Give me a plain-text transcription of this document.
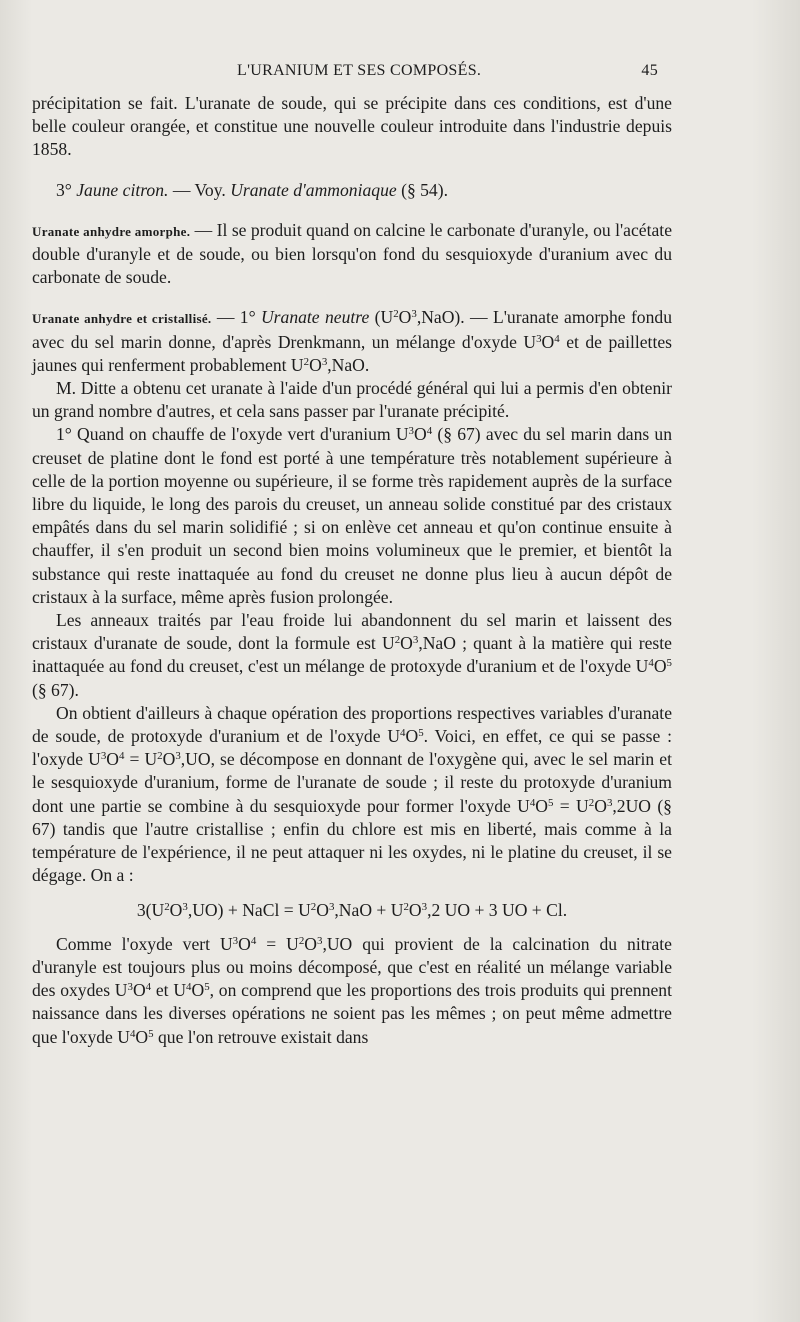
L'URANIUM ET SES COMPOSÉS.	45

précipitation se fait. L'uranate de soude, qui se précipite dans ces conditions, est d'une belle couleur orangée, et constitue une nouvelle couleur introduite dans l'industrie depuis 1858.

3° Jaune citron. — Voy. Uranate d'ammoniaque (§ 54).

Uranate anhydre amorphe. — Il se produit quand on calcine le carbonate d'uranyle, ou l'acétate double d'uranyle et de soude, ou bien lorsqu'on fond du sesquioxyde d'uranium avec du carbonate de soude.

Uranate anhydre et cristallisé. — 1° Uranate neutre $(U^2O^3,NaO)$. — L'uranate amorphe fondu avec du sel marin donne, d'après Drenkmann, un mélange d'oxyde $U^3O^4$ et de paillettes jaunes qui renferment probablement $U^2O^3,NaO$.

M. Ditte a obtenu cet uranate à l'aide d'un procédé général qui lui a permis d'en obtenir un grand nombre d'autres, et cela sans passer par l'uranate précipité.

1° Quand on chauffe de l'oxyde vert d'uranium $U^3O^4$ (§ 67) avec du sel marin dans un creuset de platine dont le fond est porté à une température très notablement supérieure à celle de la portion moyenne ou supérieure, il se forme très rapidement auprès de la surface libre du liquide, le long des parois du creuset, un anneau solide constitué par des cristaux empâtés dans du sel marin solidifié ; si on enlève cet anneau et qu'on continue ensuite à chauffer, il s'en produit un second bien moins volumineux que le premier, et bientôt la substance qui reste inattaquée au fond du creuset ne donne plus lieu à aucun dépôt de cristaux à la surface, même après fusion prolongée.

Les anneaux traités par l'eau froide lui abandonnent du sel marin et laissent des cristaux d'uranate de soude, dont la formule est $U^2O^3,NaO$ ; quant à la matière qui reste inattaquée au fond du creuset, c'est un mélange de protoxyde d'uranium et de l'oxyde $U^4O^5$ (§ 67).

On obtient d'ailleurs à chaque opération des proportions respectives variables d'uranate de soude, de protoxyde d'uranium et de l'oxyde $U^4O^5$. Voici, en effet, ce qui se passe : l'oxyde $U^3O^4 = U^2O^3,UO$, se décompose en donnant de l'oxygène qui, avec le sel marin et le sesquioxyde d'uranium, forme de l'uranate de soude ; il reste du protoxyde d'uranium dont une partie se combine à du sesquioxyde pour former l'oxyde $U^4O^5 = U^2O^3,2UO$ (§ 67) tandis que l'autre cristallise ; enfin du chlore est mis en liberté, mais comme à la température de l'expérience, il ne peut attaquer ni les oxydes, ni le platine du creuset, il se dégage. On a :

$3(U^2O^3,UO)$ + NaCl = $U^2O^3,NaO + U^2O^3,2$ UO + 3 UO + Cl.

Comme l'oxyde vert $U^3O^4 = U^2O^3,UO$ qui provient de la calcination du nitrate d'uranyle est toujours plus ou moins décomposé, que c'est en réalité un mélange variable des oxydes $U^3O^4$ et $U^4O^5$, on comprend que les proportions des trois produits qui prennent naissance dans les diverses opérations ne soient pas les mêmes ; on peut même admettre que l'oxyde $U^4O^5$ que l'on retrouve existait dans
